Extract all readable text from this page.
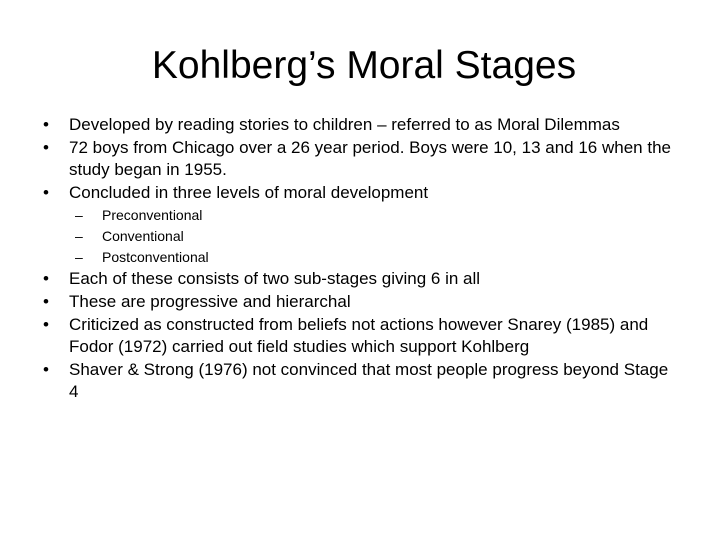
Kohlberg’s Moral Stages
• Developed by reading stories to children – referred to as Moral Dilemmas
• 72 boys from Chicago over a 26 year period. Boys were 10, 13 and 16 when the study began in 1955.
• Concluded in three levels of moral development
– Preconventional
– Conventional
– Postconventional
• Each of these consists of two sub-stages giving 6 in all
• These are progressive and hierarchal
• Criticized as constructed from beliefs not actions however Snarey (1985) and Fodor (1972) carried out field studies which support Kohlberg
• Shaver & Strong (1976) not convinced that most people progress beyond Stage 4
